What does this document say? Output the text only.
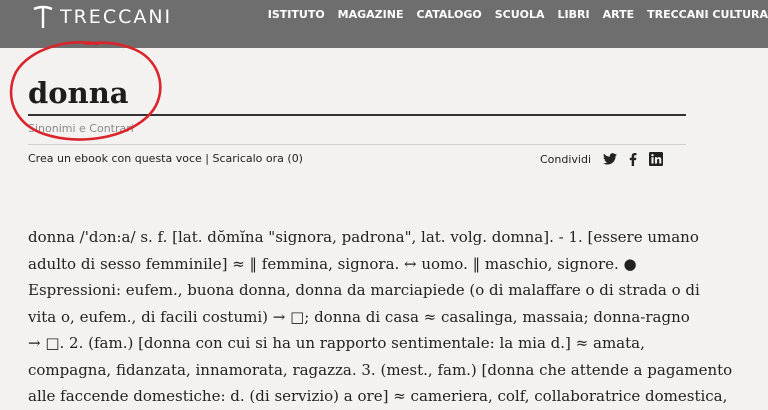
TRECCANI	ISTITUTO MAGAZINE CATALOGO SCUOLA LIBRI ARTE TRECCANI CULTURA
donna
Sinonimi e Contrari
Crea un ebook con questa voce | Scaricalo ora (0)	Condividi
donna /'dɔn:a/ s. f. [lat. dŏmĭna "signora, padrona", lat. volg. domna]. - 1. [essere umano
adulto di sesso femminile] ≈ ‖ femmina, signora. ↔ uomo. ‖ maschio, signore. ●
Espressioni: eufem., buona donna, donna da marciapiede (o di malaffare o di strada o di
vita o, eufem., di facili costumi) → □; donna di casa ≈ casalinga, massaia; donna-ragno
→ □. 2. (fam.) [donna con cui si ha un rapporto sentimentale: la mia d.] ≈ amata,
compagna, fidanzata, innamorata, ragazza. 3. (mest., fam.) [donna che attende a pagamento
alle faccende domestiche: d. (di servizio) a ore] ≈ cameriera, colf, collaboratrice domestica,
